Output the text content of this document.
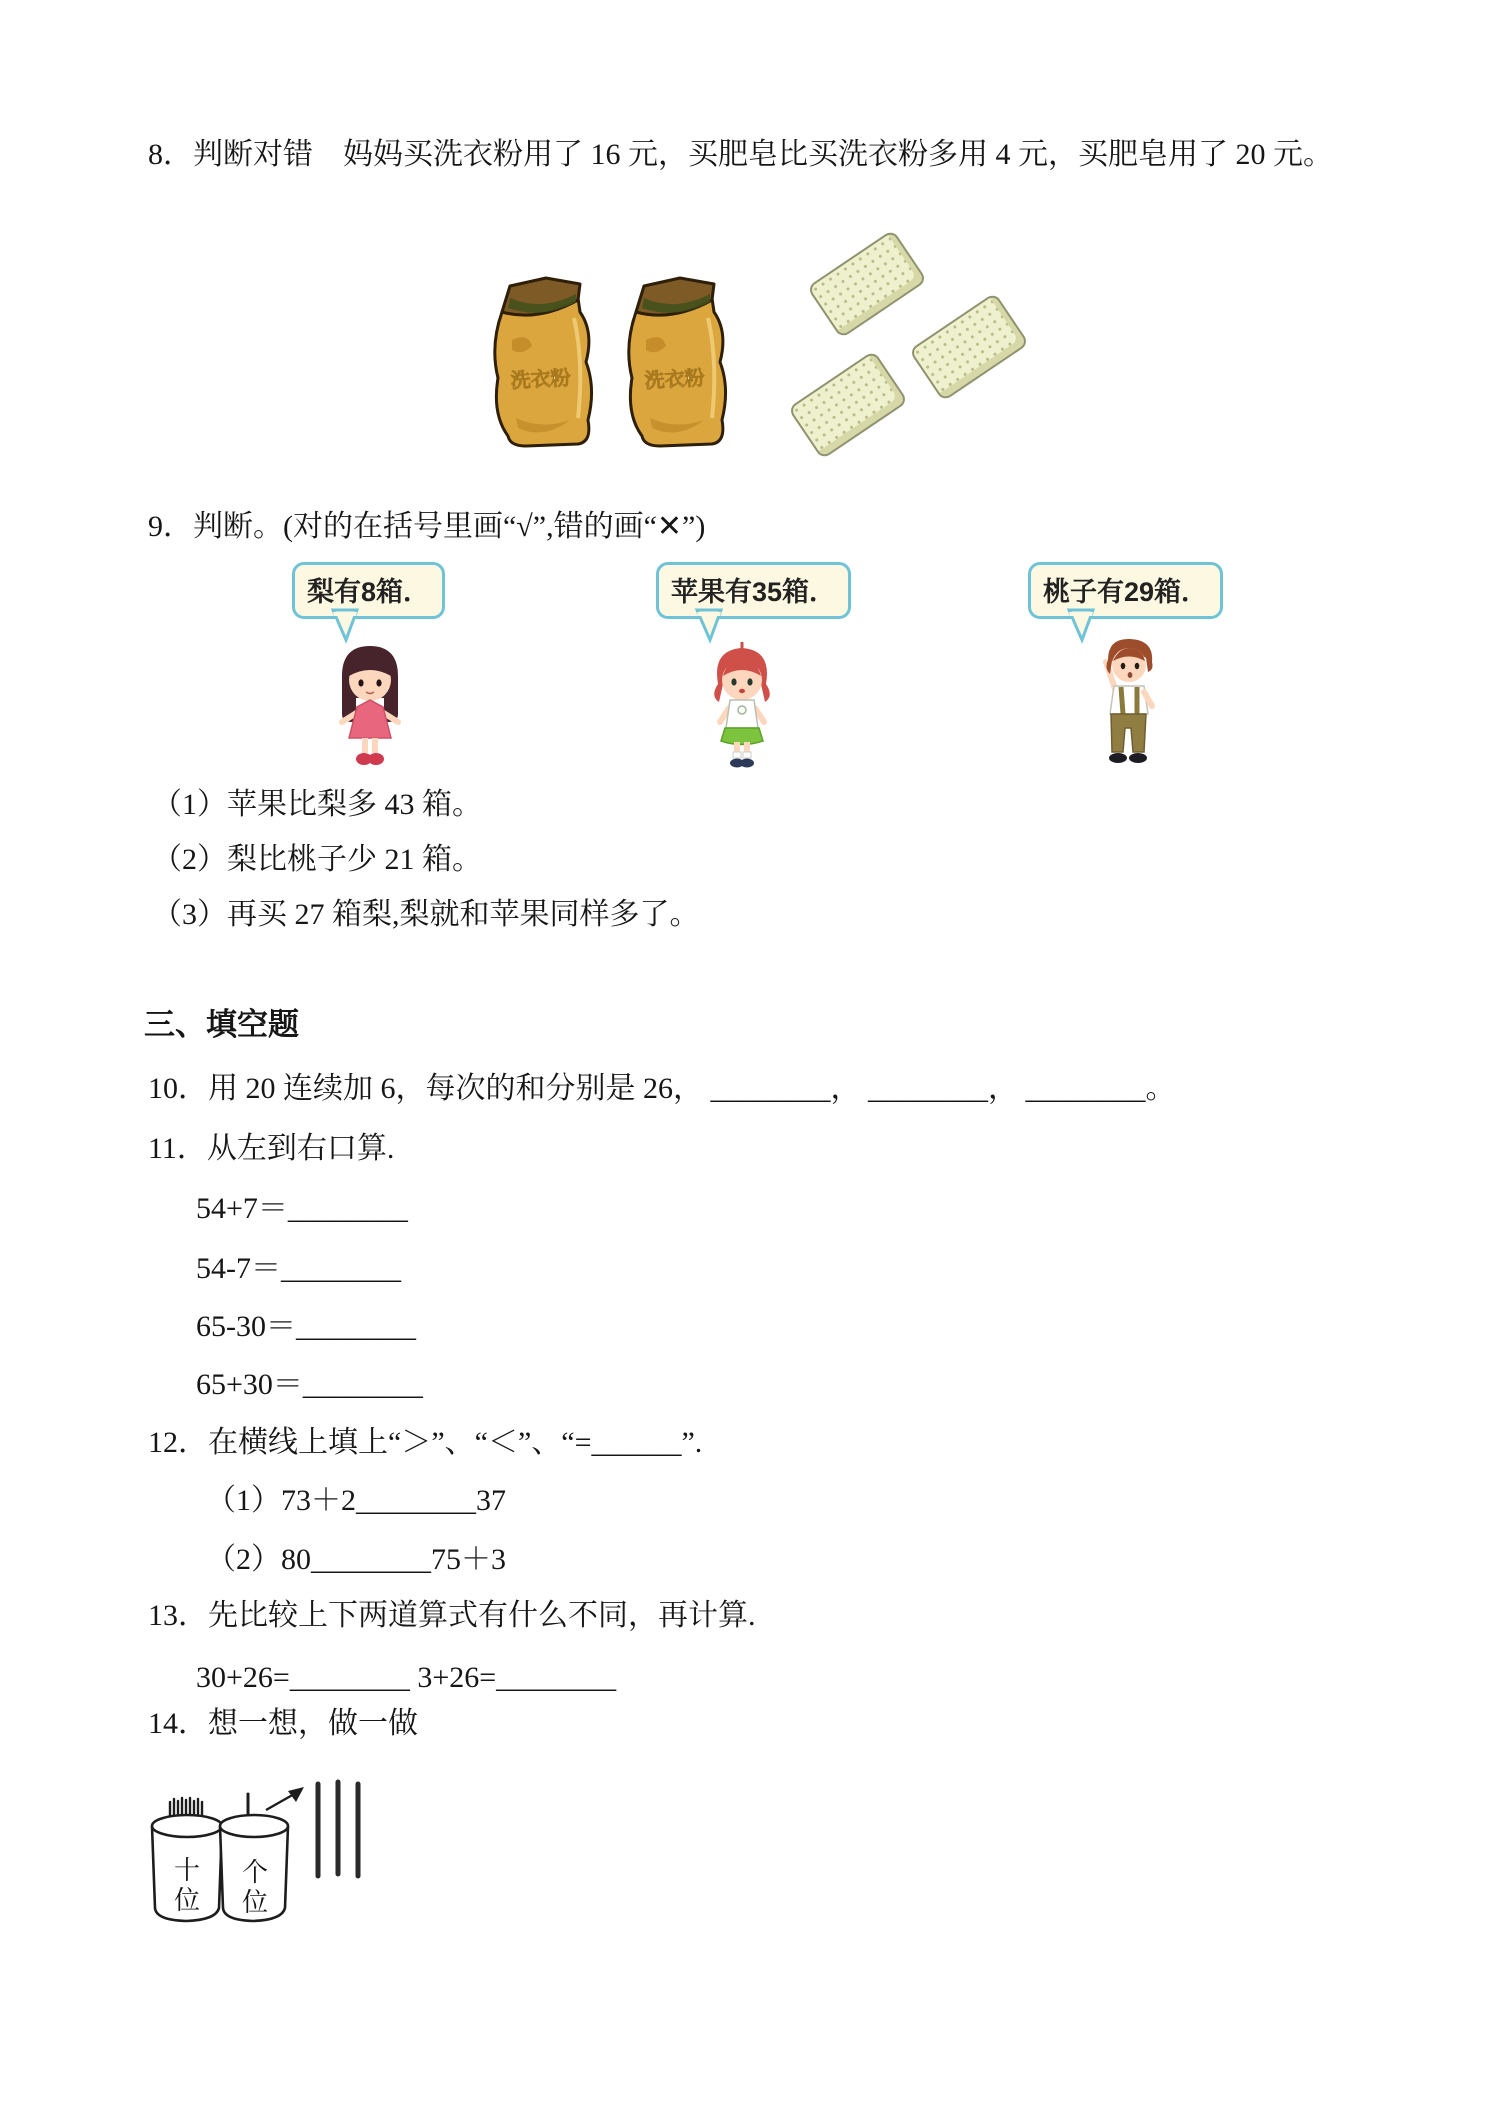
8．判断对错　妈妈买洗衣粉用了 16 元，买肥皂比买洗衣粉多用 4 元，买肥皂用了 20 元。
洗衣粉	洗衣粉
9．判断。(对的在括号里画“√”,错的画“✕”)
梨有8箱．	苹果有35箱．	桃子有29箱．
（1）苹果比梨多 43 箱。
（2）梨比桃子少 21 箱。
（3）再买 27 箱梨,梨就和苹果同样多了。
三、填空题
10．用 20 连续加 6，每次的和分别是 26， ________， ________， ________。
11．从左到右口算.
54+7＝________
54-7＝________
65-30＝________
65+30＝________
12．在横线上填上“＞”、“＜”、“=______”.
（1）73＋2________37
（2）80________75＋3
13．先比较上下两道算式有什么不同，再计算.
30+26=________ 3+26=________
14．想一想，做一做
十位
个位
